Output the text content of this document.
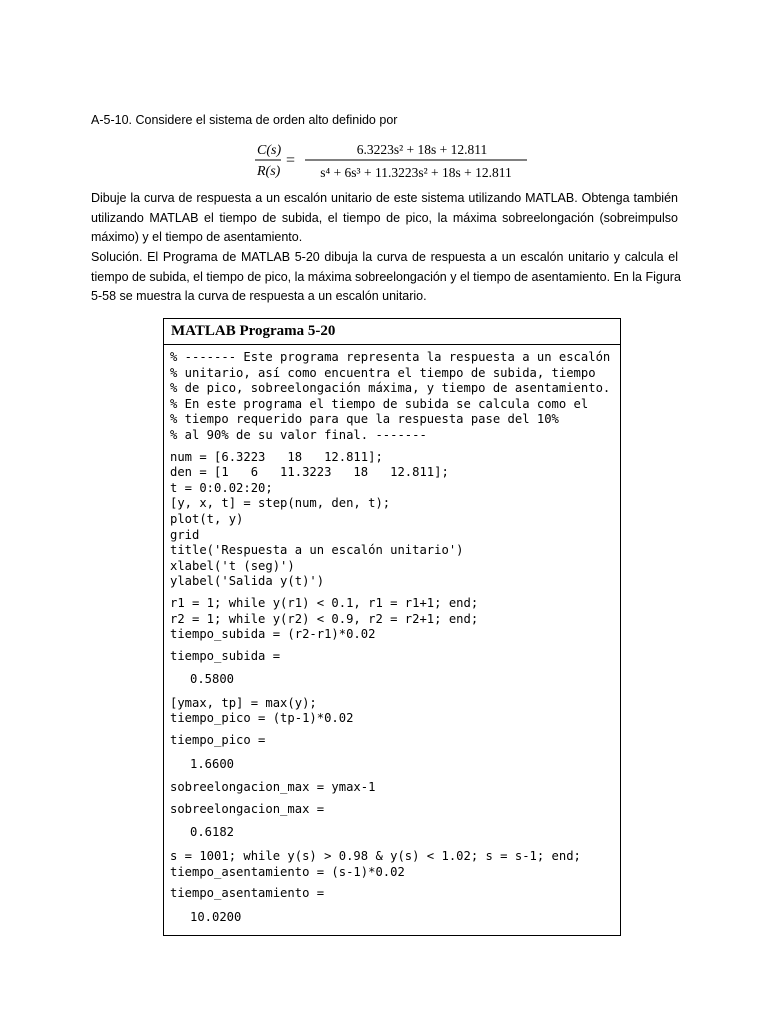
A-5-10. Considere el sistema de orden alto definido por
C(s)
R(s)
=
6.3223s² + 18s + 12.811
s⁴ + 6s³ + 11.3223s² + 18s + 12.811
Dibuje la curva de respuesta a un escalón unitario de este sistema utilizando MATLAB. Obtenga también
utilizando MATLAB el tiempo de subida, el tiempo de pico, la máxima sobreelongación (sobreimpulso
máximo) y el tiempo de asentamiento.
Solución. El Programa de MATLAB 5-20 dibuja la curva de respuesta a un escalón unitario y calcula el
tiempo de subida, el tiempo de pico, la máxima sobreelongación y el tiempo de asentamiento. En la Figura
5-58 se muestra la curva de respuesta a un escalón unitario.
MATLAB Programa 5-20
% ------- Este programa representa la respuesta a un escalón
% unitario, así como encuentra el tiempo de subida, tiempo
% de pico, sobreelongación máxima, y tiempo de asentamiento.
% En este programa el tiempo de subida se calcula como el
% tiempo requerido para que la respuesta pase del 10%
% al 90% de su valor final. -------
num = [6.3223   18   12.811];
den = [1   6   11.3223   18   12.811];
t = 0:0.02:20;
[y, x, t] = step(num, den, t);
plot(t, y)
grid
title('Respuesta a un escalón unitario')
xlabel('t (seg)')
ylabel('Salida y(t)')
r1 = 1; while y(r1) < 0.1, r1 = r1+1; end;
r2 = 1; while y(r2) < 0.9, r2 = r2+1; end;
tiempo_subida = (r2-r1)*0.02
tiempo_subida =
0.5800
[ymax, tp] = max(y);
tiempo_pico = (tp-1)*0.02
tiempo_pico =
1.6600
sobreelongacion_max = ymax-1
sobreelongacion_max =
0.6182
s = 1001; while y(s) > 0.98 & y(s) < 1.02; s = s-1; end;
tiempo_asentamiento = (s-1)*0.02
tiempo_asentamiento =
10.0200
